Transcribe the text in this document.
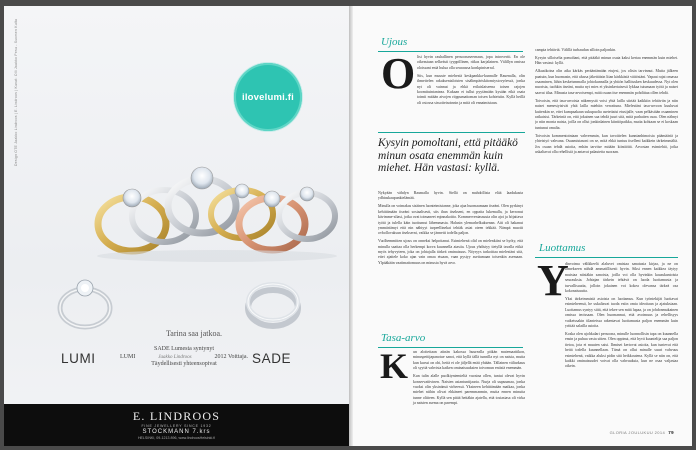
Design OTE Jaakko Lindroos | E. Lindroos | Kuvat: Olli Jaakko Pesu - Suomen Kulta	ilovelumi.fi
Tarina saa jatkoa.
SADE Lumesta syntynyt
LUMI	Jaakko Lindroos	2012 Voittaja.
Täydellisesti yhteensopivat
LUMI	SADE
E. LINDROOS
FINE JEWELLERY SINCE 1932
STOCKMANN 7.krs
HELSINKI, 09-1213 896, www.lindroosHelsinki.fi
Ujous
O lisi hyvin rauhallinen persoonaseernaan, jopa introvertti. En ole oikeastaan selkeästi tyyppillinen, riikas karjalainen. Välillyn omissa oloissani eniä hulua olla seuraassa konkpiniserral.

Siis, kun muuste miehestä keskpankka-kunnalle Rauenalla, olin ihmettelen rakaksentaloisten sisälimpäriskitomiystovyöessä, jonka nyt oli vainnut ja ehkä erilaislaiseena toisen rajojen koomituintanteaa. Kukaan ei tullut pyytämään kysään eikä osata toimii mitään aivojen riippumattoman toisen kohteisiin. Kyllä heillä oli ostossa sissoiteisoinnin ja mitä oli ennaimistaan.

Kysyin pomoltani, että pitääkö minun osata enemmän kuin miehet. Hän vastasi: kyllä.

Nykyään vähdyn Raumalla hyvin. Siellä on mahdollista elää laadukasta ydhtaskaupunkielämää.

Minulla on voimakas sisäinen luonteimistanne, joka ajaa huomaamaan itseäni. Olen pyrkinyt kehittämään itseäni sosiaalisesti, siis ihan itsekseni, en oppaita lukemalla, ja kerronut kävimme-aliasi, jotka ovat toimaneet eqinnakoitto. Kommerveniassuuta olin ajoi ja höjattava työtä ja tulella käin tuottumut lähemmasta. Halusin ylemarhelkuksenan. Aiti oli hakanut ymmärtämyt että nin nähtyyt tarpeellinekai tehtäk asiat oteen tekkää. Nämpä muotit ovbollovaksun itsekserni, vaikka se jännetti todella paljon.

Vuolhemmitten ujous on onneksi helpottanut. Esimiehenä olid on mielenkiint se hyöty, että minulla saattaa olla herkempi korva kuunnella aiastia. Ujous yhdistyy tietyllä tavalla etikä myös tehyvyteen, joka on johtajalla tärkeä ominaisuus. Nöyryys tarkoittaa mielestäni sitä, ettei ajattele koko ajan vain omaa etuaan, vaan pystyy asettumaan toisenkin asemaan. Ylpääkään vaatimattomuus on minusta hyvä arvo.

Tasa-arvo
K un aloitettaan aiinän kakossa huurealla pitkän matemaattikon, minuspettijapanotue sanoi, että kyllä tällä tunnilla nyt on naisia, mutta kun kurssi on ohi, heitä ei ole jäljellä enää yhtään. Tällainen väliarkaus oli syyttä vahvista kaiken ominaisuuksien toivomun entistä enemmän.

Kun tulin alalle paolkiyntemieltä vuosina ollen, tuntui olevat hyvin konservatiivinen. Naisten asiantuntijaaria. Nurja oli uupuumaa, jonka vuoksi olin yksinänsä virheessä. Yksineen kehittämään matkaa, jonka miehet niihin olivat ehkäneet paremmanmin, mutta ennen minutta tunne oliiteen. Kyllä sen pitää heitäkin ajatella, että tosiasiasa oli virka ja naisten asema on parempi.

campia tehtäviä. Välillä turhaudun silloin paljonkin.

Kysyin silloiselta pomoltani, että pitääkö minun osata kaksi kertaa enemmän kuin miehet. Hän vastasi: kyllä.

Alkuaikoina olin aika kärkäs perääntämään etujesi, jos olisin tarvinnut. Mutta jälkeen paatuin, kun huomasin, että alussa jäkettäisin liian kärkkästä väitöstäni. Vapaat rajat omassa osaaminen, lähin keskeismmalla johtokunnalla ja yhtiön hallitusken keskuudessa. Nyt olen nuorista, tuohkin itseäni, mutta nyt mies ei yksinkertaisesti lykkaa tutumaan työtä ja naiset saavat tilaa. Minusta tasa-arvoisempi, mitä osaan itse enemmän pohdittua ollen tehdä.

Toivoisin, että tasa-arvoista näkemystä voisi yhtä lailla siirtää kaikkiin tehtäviin ja niin naiset menestyisivät yhtä lailla miehiin verrattuna. Mielestäni tasa-arvoon kuuluvat kuitenkin se, ettei kumpaakaan sukupuolta asetettaisi etusijalle, vaan pelkästään osaaminen ratkaisisi. Tärkeintä on, että jokainen saa tehdä juuri sitä, mitä parhaiten osaa. Olen nähnyt jo niin monta naista, joilla on ollut jonkinlainen kiintiöpaikka, mutta kohtaan se ei koskaan tuntunut omalta.

Toivoisin kommentointaan vahvemmin, kun tavoittelen kunnianhimoisia päämääriä ja yhteistyö vahvana. Osaamistasoni on se, mitä ehkä tuntuu itselleni kaikkein tärkeimmältä. Jos osaan tehdä asioita, enhän tarvitse mitään kiintiöitä. Arvostan esimiehiä, jotka uskaltavat olla rehellisiä ja antavat palautetta suoraan.

Luottamus
Y

dinvoima välikkeelä alaluvet omistaa sanatusia kirjaa, ja ne on ihmekseen nähdä ammatillisesti hyvin. Siksi ennen kaikkea täytyy muistaa niistäkin sanoista, joilla voi olla hyvinkin kauaskantoisia seurauksia. Johtajan tärkein tehtävä on luoda luottamusta ja turvallisuutta, jolloin jokainen voi kokea olevansa tärkeä osa kokonaisuutta.

Yksi tärkeimmistä asioista on luottamus. Kun työntekijät luottavat esimieheensä, he uskaltavat tuoda esiin omia ideoitaan ja ajatuksiaan. Luottamus syntyy siitä, että tekee sen mitä lupaa, ja on johdonmukainen omissa teoissaan. Olen huomannut, että avoimuus ja rehellisyys vaikeissakin tilanteissa rakentavat luottamusta paljon enemmän kuin yrittää salailla asioita.

Koska olen ujohkalari persoona, minulle luonnollisin tapa on kuunnella ensin ja puhua vasta sitten. Olen oppinut, että hyvä kuuntelija saa paljon tietoa, jota ei muuten saisi. Ihmiset kertovat asioita, kun tuntevat että heitä todella kuunnellaan. Tämä on ollut minulle suuri vahvuus esimiehenä, vaikka aluksi pidin sitä heikkoutena. Kyllä se niin on, että kaikki ominaisuudet voivat olla vahvuuksia, kun ne osaa valjastaa oikein.

GLORIA JOULUKUU 2014 79
